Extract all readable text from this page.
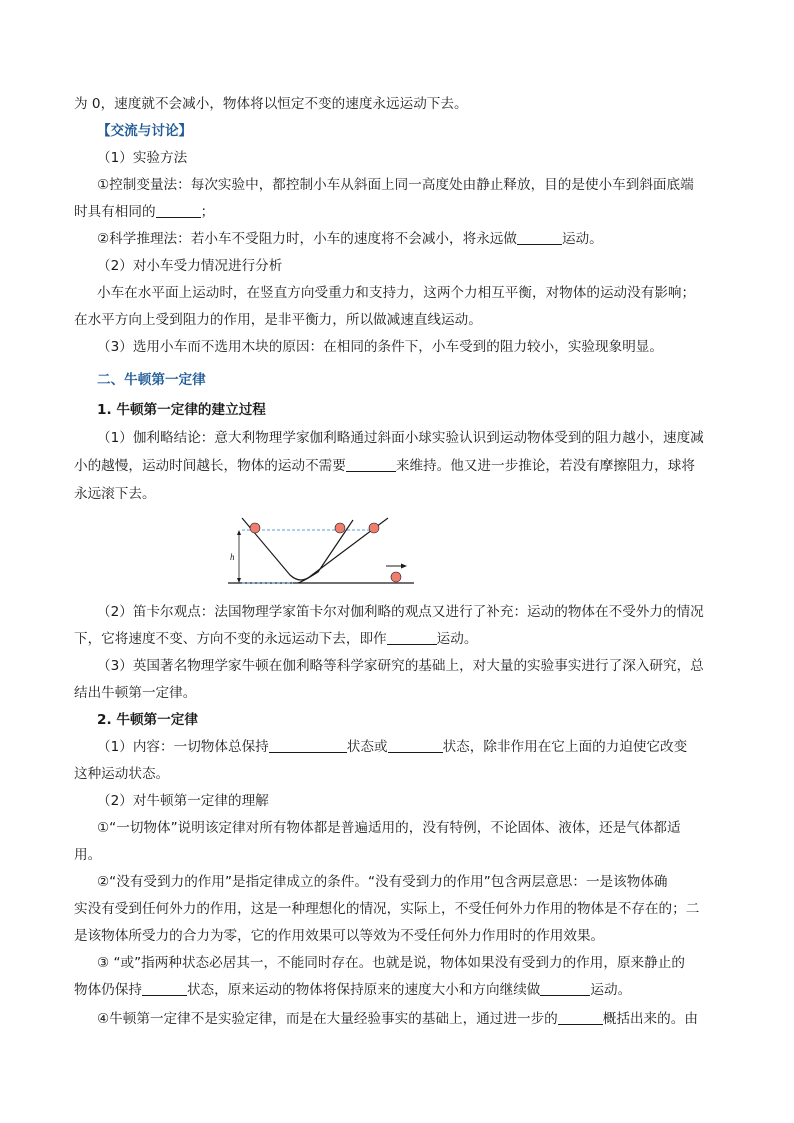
为 0，速度就不会减小，物体将以恒定不变的速度永远运动下去。
【交流与讨论】
（1）实验方法
①控制变量法：每次实验中，都控制小车从斜面上同一高度处由静止释放，目的是使小车到斜面底端
时具有相同的	；
②科学推理法：若小车不受阻力时，小车的速度将不会减小，将永远做	运动。
（2）对小车受力情况进行分析
小车在水平面上运动时，在竖直方向受重力和支持力，这两个力相互平衡，对物体的运动没有影响；
在水平方向上受到阻力的作用，是非平衡力，所以做减速直线运动。
（3）选用小车而不选用木块的原因：在相同的条件下，小车受到的阻力较小，实验现象明显。
二、牛顿第一定律
1. 牛顿第一定律的建立过程
（1）伽利略结论：意大利物理学家伽利略通过斜面小球实验认识到运动物体受到的阻力越小，速度减
小的越慢，运动时间越长，物体的运动不需要	来维持。他又进一步推论，若没有摩擦阻力，球将
永远滚下去。
h
（2）笛卡尔观点：法国物理学家笛卡尔对伽利略的观点又进行了补充：运动的物体在不受外力的情况
下，它将速度不变、方向不变的永远运动下去，即作	运动。
（3）英国著名物理学家牛顿在伽利略等科学家研究的基础上，对大量的实验事实进行了深入研究，总
结出牛顿第一定律。
2. 牛顿第一定律
（1）内容：一切物体总保持	状态或	状态，除非作用在它上面的力迫使它改变
这种运动状态。
（2）对牛顿第一定律的理解
①“一切物体”说明该定律对所有物体都是普遍适用的，没有特例，不论固体、液体，还是气体都适
用。
②“没有受到力的作用”是指定律成立的条件。“没有受到力的作用”包含两层意思：一是该物体确
实没有受到任何外力的作用，这是一种理想化的情况，实际上，不受任何外力作用的物体是不存在的；二
是该物体所受力的合力为零，它的作用效果可以等效为不受任何外力作用时的作用效果。
③ “或”指两种状态必居其一，不能同时存在。也就是说，物体如果没有受到力的作用，原来静止的
物体仍保持	状态，原来运动的物体将保持原来的速度大小和方向继续做	运动。
④牛顿第一定律不是实验定律，而是在大量经验事实的基础上，通过进一步的	概括出来的。由
